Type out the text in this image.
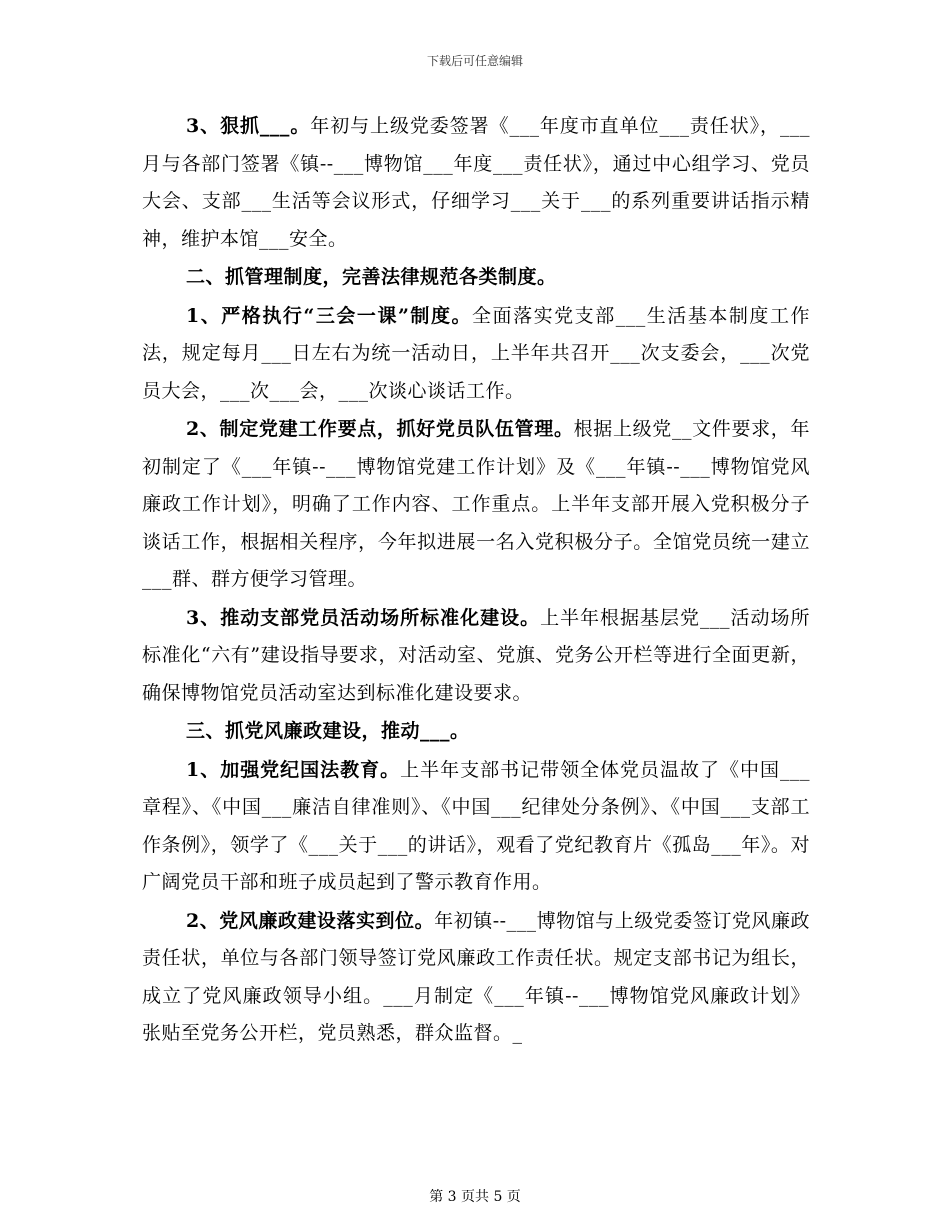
下载后可任意编辑

3、狠抓___。年初与上级党委签署《___年度市直单位___责任状》，___月与各部门签署《镇--___博物馆___年度___责任状》，通过中心组学习、党员大会、支部___生活等会议形式，仔细学习___关于___的系列重要讲话指示精神，维护本馆___安全。

二、抓管理制度，完善法律规范各类制度。

1、严格执行“三会一课”制度。全面落实党支部___生活基本制度工作法，规定每月___日左右为统一活动日，上半年共召开___次支委会，___次党员大会，___次___会，___次谈心谈话工作。

2、制定党建工作要点，抓好党员队伍管理。根据上级党__文件要求，年初制定了《___年镇--___博物馆党建工作计划》及《___年镇--___博物馆党风廉政工作计划》，明确了工作内容、工作重点。上半年支部开展入党积极分子谈话工作，根据相关程序，今年拟进展一名入党积极分子。全馆党员统一建立___群、群方便学习管理。

3、推动支部党员活动场所标准化建设。上半年根据基层党___活动场所标准化“六有”建设指导要求，对活动室、党旗、党务公开栏等进行全面更新，确保博物馆党员活动室达到标准化建设要求。

三、抓党风廉政建设，推动___。

1、加强党纪国法教育。上半年支部书记带领全体党员温故了《中国___章程》、《中国___廉洁自律准则》、《中国___纪律处分条例》、《中国___支部工作条例》，领学了《___关于___的讲话》，观看了党纪教育片《孤岛___年》。对广阔党员干部和班子成员起到了警示教育作用。

2、党风廉政建设落实到位。年初镇--___博物馆与上级党委签订党风廉政责任状，单位与各部门领导签订党风廉政工作责任状。规定支部书记为组长，成立了党风廉政领导小组。___月制定《___年镇--___博物馆党风廉政计划》张贴至党务公开栏，党员熟悉，群众监督。_

第 3 页共 5 页
